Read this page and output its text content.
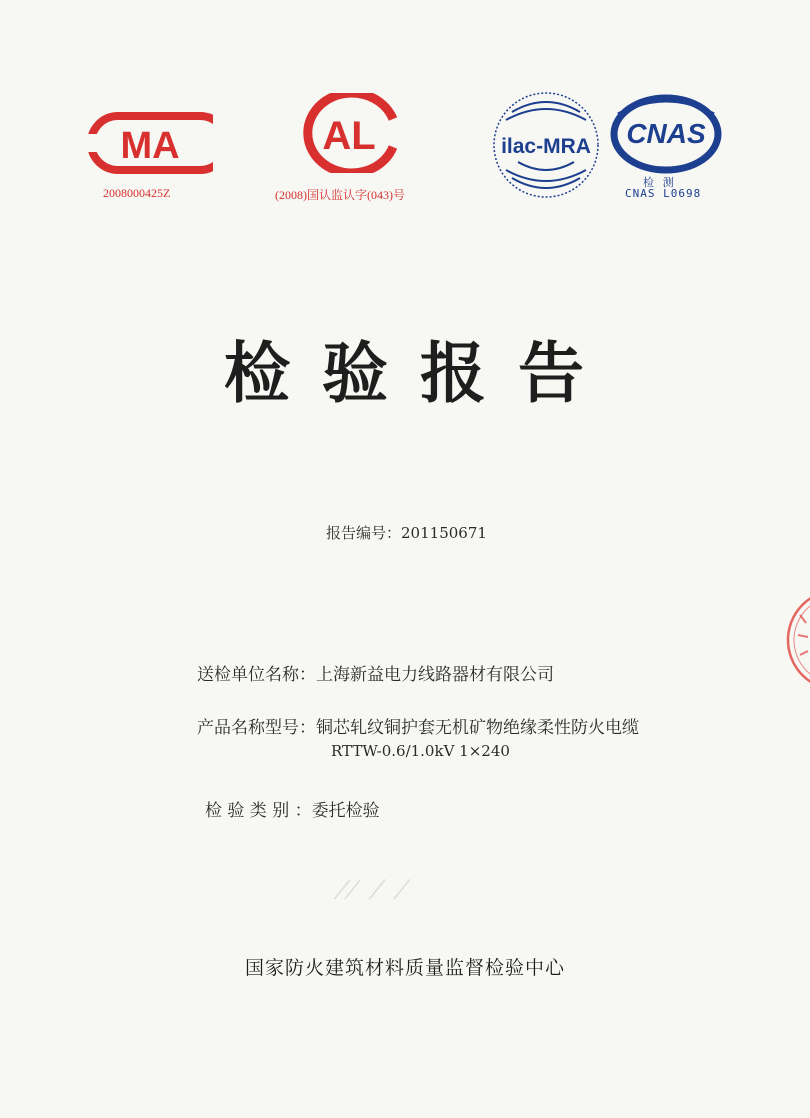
MA
2008000425Z
AL
(2008)国认监认字(043)号
ilac-MRA CNAS
检 测
CNAS L0698
检验报告
报告编号：201150671
送检单位名称：上海新益电力线路器材有限公司
产品名称型号：铜芯轧纹铜护套无机矿物绝缘柔性防火电缆
RTTW-0.6/1.0kV 1×240
检 验 类 别 ：委托检验
⁄⁄ ⁄ ⁄
国家防火建筑材料质量监督检验中心
